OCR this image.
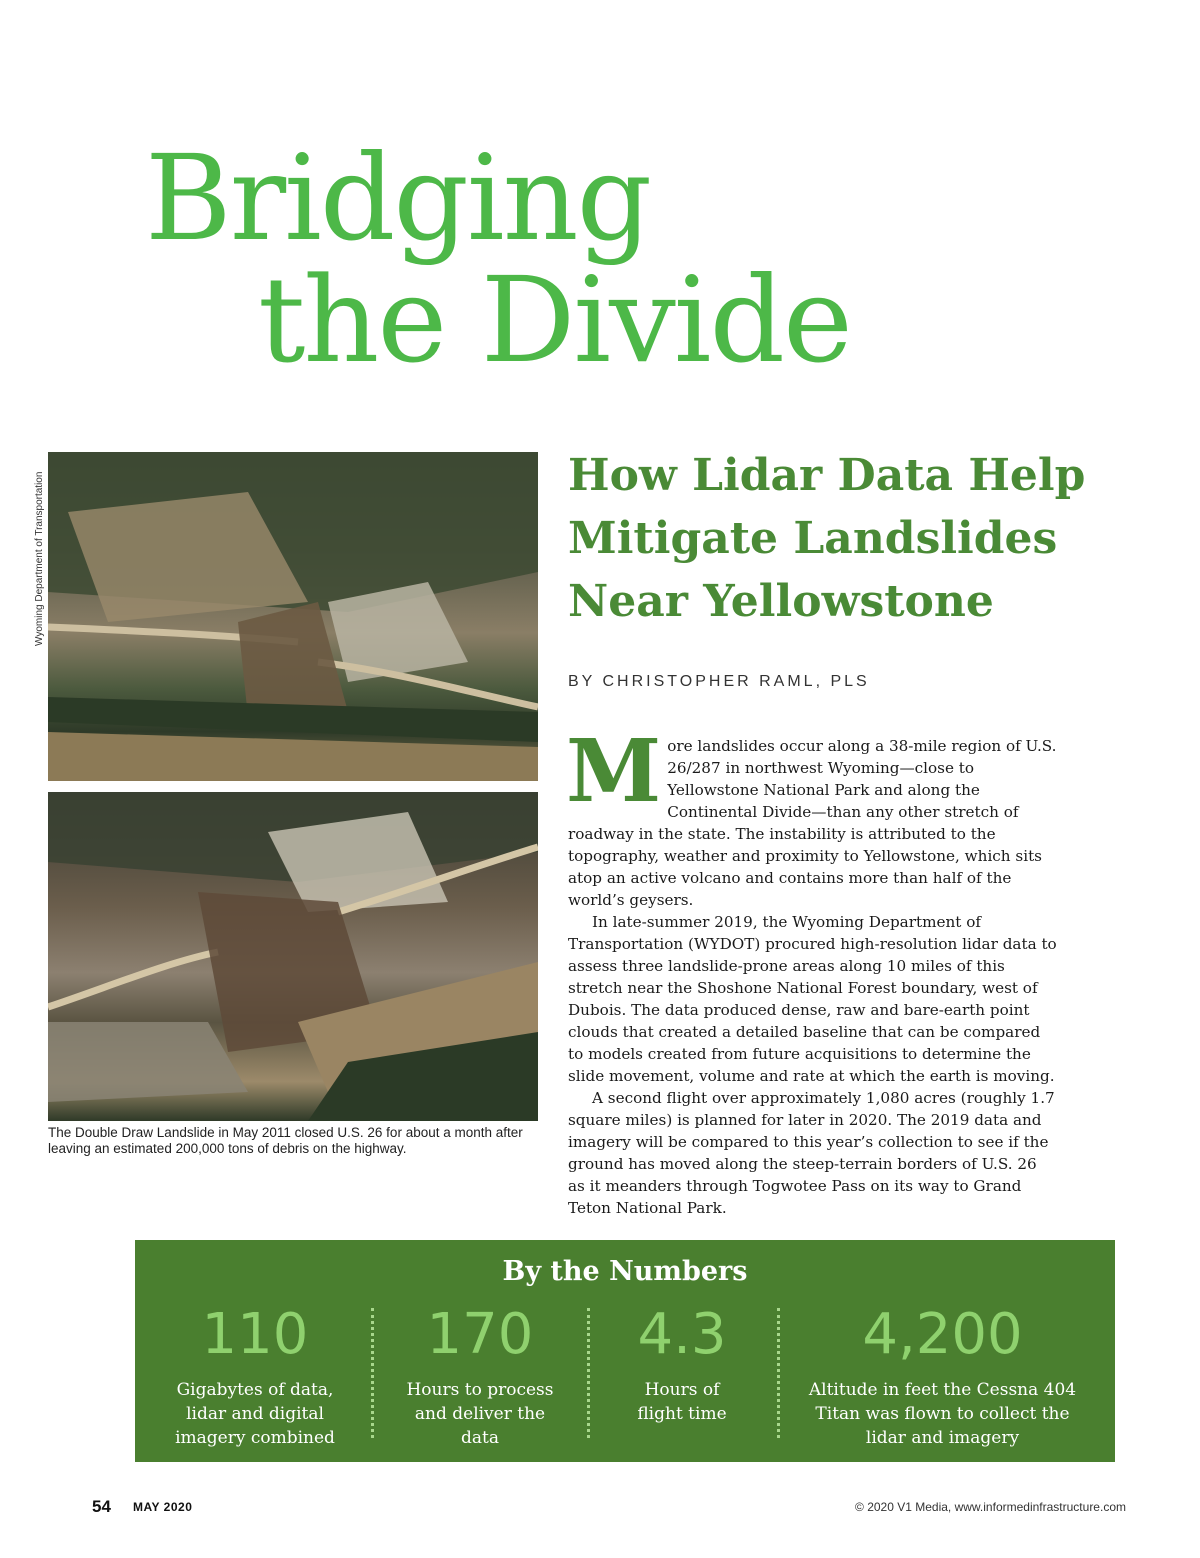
Bridging
the Divide
Wyoming Department of Transportation

The Double Draw Landslide in May 2011 closed U.S. 26 for about a month after leaving an estimated 200,000 tons of debris on the highway.

How Lidar Data Help
Mitigate Landslides
Near Yellowstone
BY CHRISTOPHER RAML, PLS
M ore landslides occur along a 38-mile region of U.S. 26/287 in northwest Wyoming—close to Yellowstone National Park and along the Continental Divide—than any other stretch of roadway in the state. The instability is attributed to the topography, weather and proximity to Yellowstone, which sits atop an active volcano and contains more than half of the world’s geysers.

In late-summer 2019, the Wyoming Department of Transportation (WYDOT) procured high-resolution lidar data to assess three landslide-prone areas along 10 miles of this stretch near the Shoshone National Forest boundary, west of Dubois. The data produced dense, raw and bare-earth point clouds that created a detailed baseline that can be compared to models created from future acquisitions to determine the slide movement, volume and rate at which the earth is moving.

A second flight over approximately 1,080 acres (roughly 1.7 square miles) is planned for later in 2020. The 2019 data and imagery will be compared to this year’s collection to see if the ground has moved along the steep-terrain borders of U.S. 26 as it meanders through Togwotee Pass on its way to Grand Teton National Park.

By the Numbers
110
Gigabytes of data,
lidar and digital
imagery combined
170
Hours to process
and deliver the
data
4.3
Hours of
flight time
4,200
Altitude in feet the Cessna 404
Titan was flown to collect the
lidar and imagery
54 MAY 2020	© 2020 V1 Media, www.informedinfrastructure.com
